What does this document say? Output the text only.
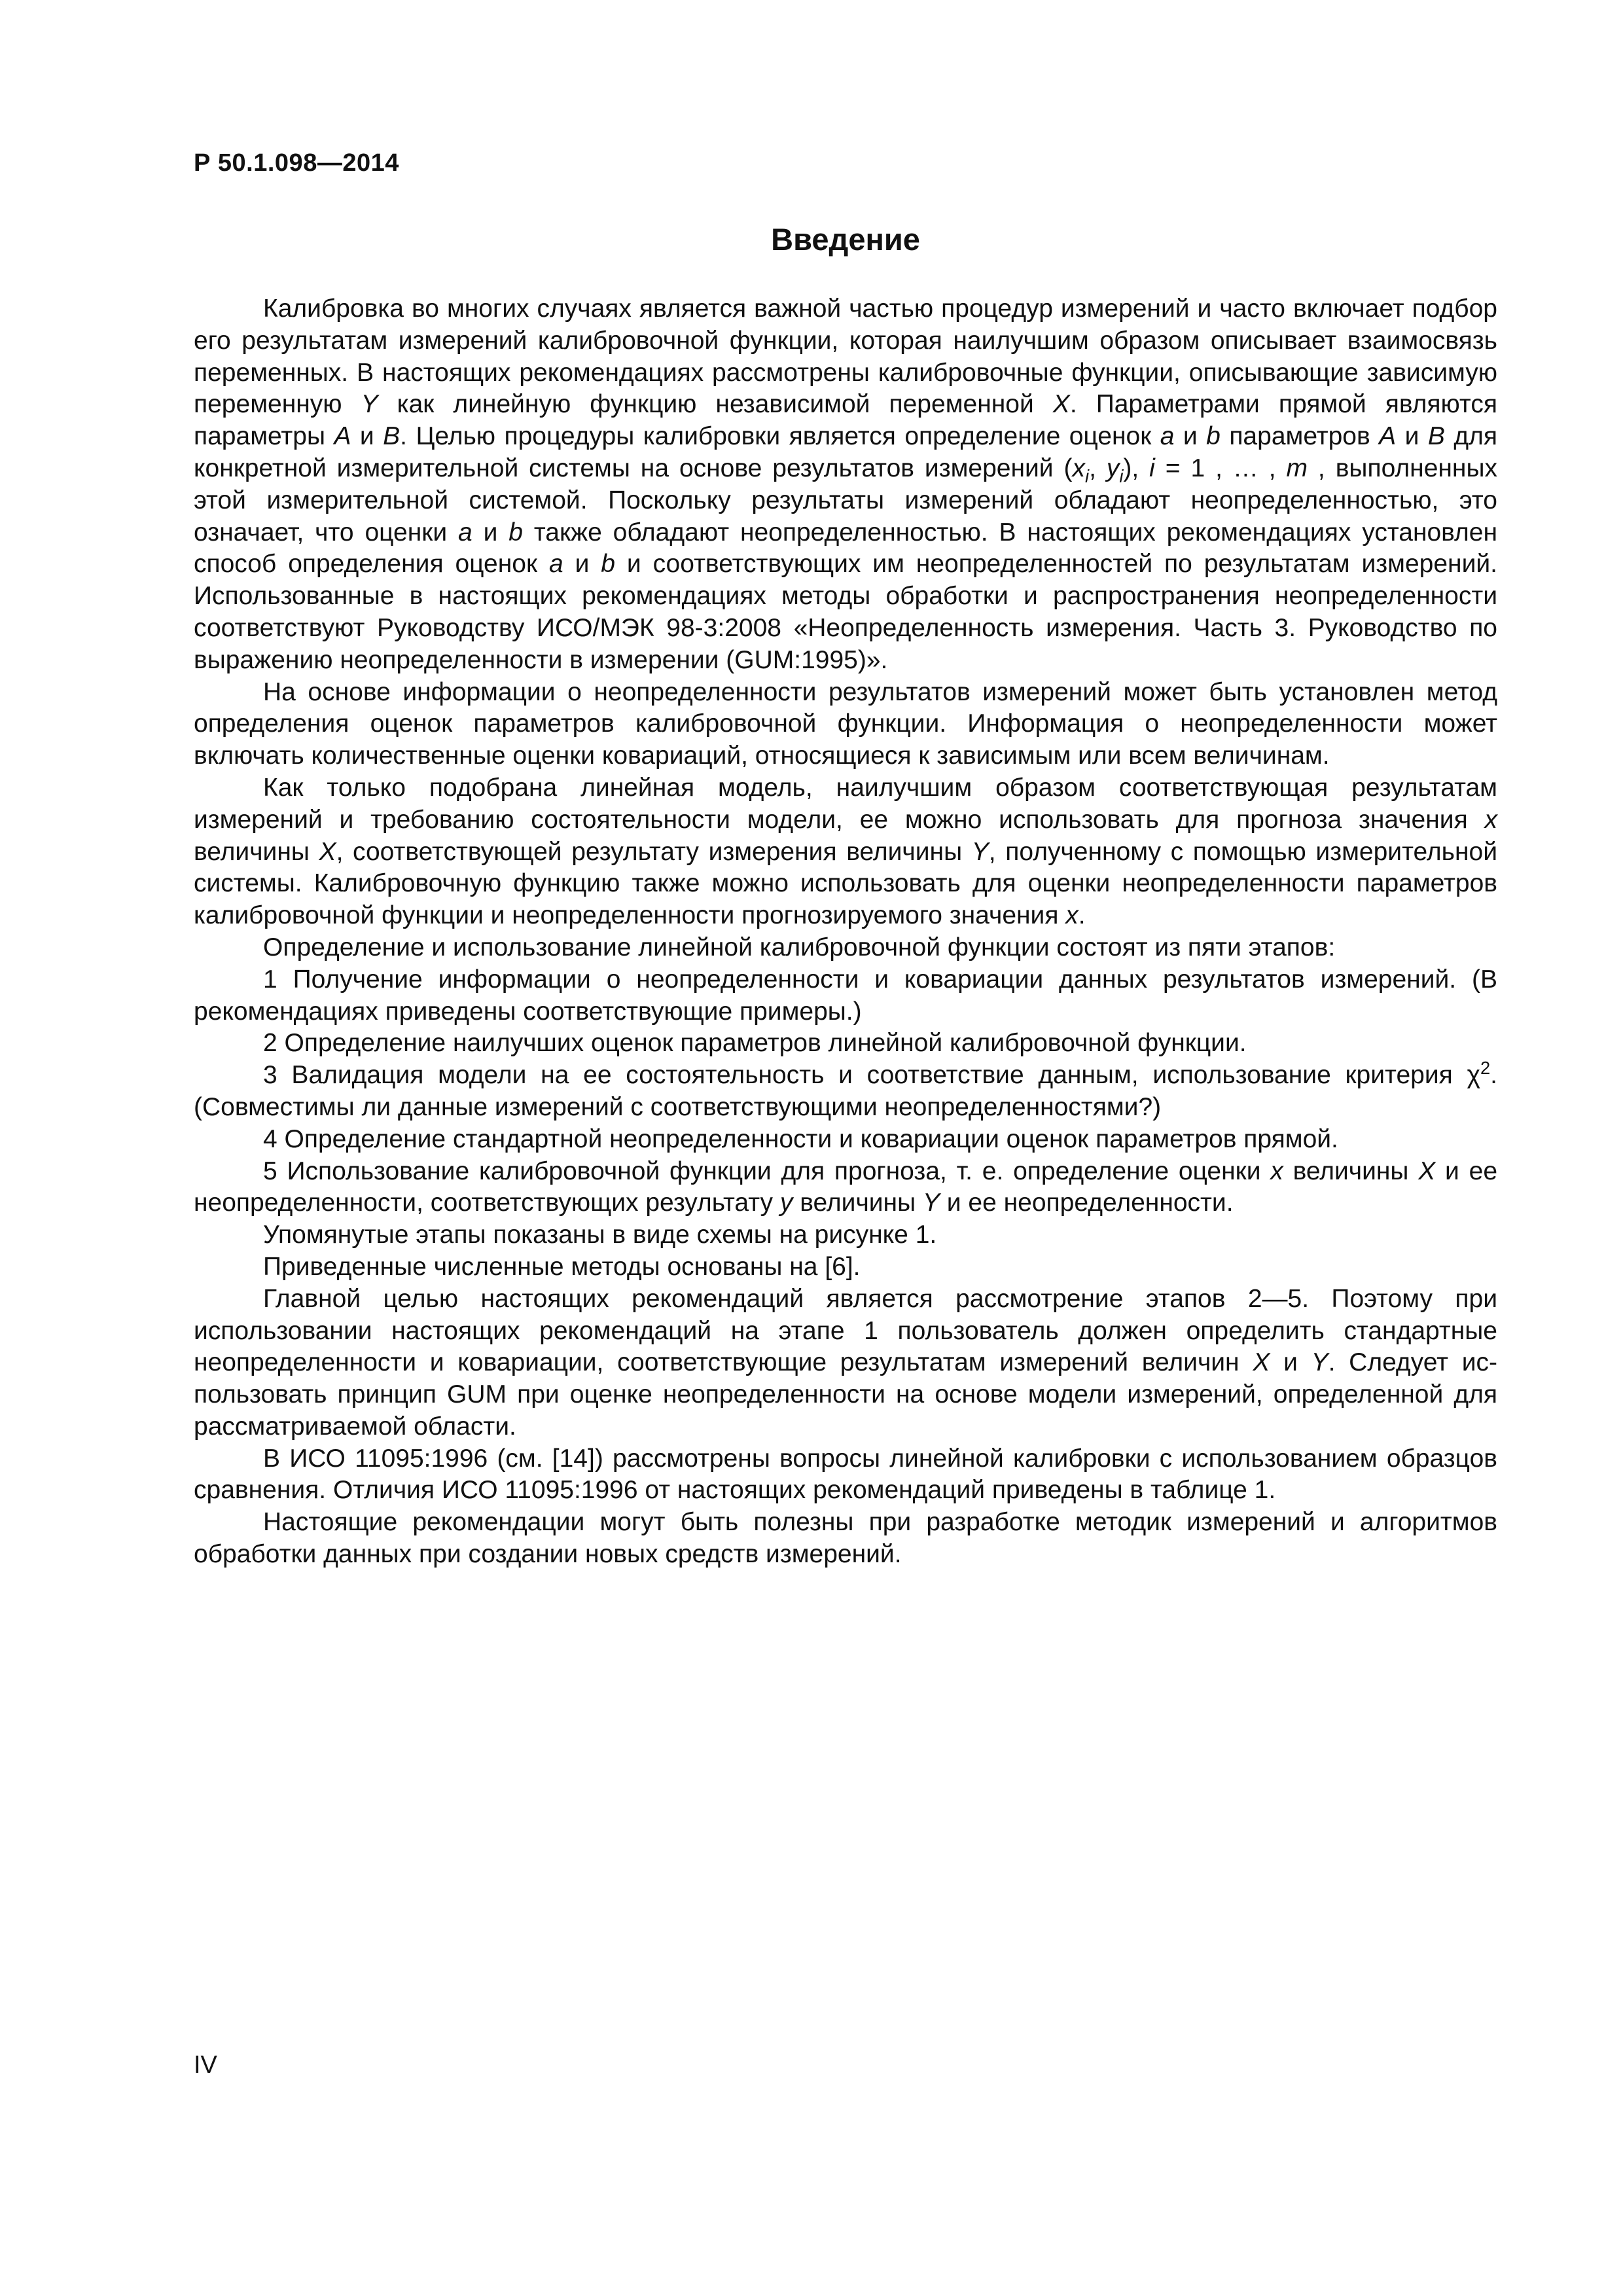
Р 50.1.098—2014
Введение

Калибровка во многих случаях является важной частью процедур измерений и часто включает подбор его результатам измерений калибровочной функции, которая наилучшим образом описывает взаимосвязь переменных. В настоящих рекомендациях рассмотрены калибровочные функции, описывающие зависимую переменную Y как линейную функцию независимой переменной X. Параметрами прямой являются параметры A и B. Целью процедуры калибровки является определение оценок a и b параметров A и B для конкретной измерительной системы на основе результатов измерений ($x_i$, $y_i$), i = 1 , … , m , выполненных этой измерительной системой. Поскольку результаты измерений обладают неопределенностью, это означает, что оценки a и b также обладают неопределенностью. В настоящих рекомендациях установлен способ определения оценок a и b и соответствующих им неопределенностей по результатам измерений. Использованные в настоящих рекомендациях методы обработки и распространения неопределенности соответствуют Руководству ИСО/МЭК 98-3:2008 «Неопределенность измерения. Часть 3. Руководство по выражению неопределенности в измерении (GUM:1995)».

На основе информации о неопределенности результатов измерений может быть установлен метод определения оценок параметров калибровочной функции. Информация о неопределенности может включать количественные оценки ковариаций, относящиеся к зависимым или всем величинам.

Как только подобрана линейная модель, наилучшим образом соответствующая результатам измерений и требованию состоятельности модели, ее можно использовать для прогноза значения x величины X, соответствующей результату измерения величины Y, полученному с помощью измерительной системы. Калибровочную функцию также можно использовать для оценки неопределенности параметров калибровочной функции и неопределенности прогнозируемого значения x.

Определение и использование линейной калибровочной функции состоят из пяти этапов:

1 Получение информации о неопределенности и ковариации данных результатов измерений. (В рекомендациях приведены соответствующие примеры.)

2 Определение наилучших оценок параметров линейной калибровочной функции.

3 Валидация модели на ее состоятельность и соответствие данным, использование критерия $\chi^2$. (Совместимы ли данные измерений с соответствующими неопределенностями?)

4 Определение стандартной неопределенности и ковариации оценок параметров прямой.

5 Использование калибровочной функции для прогноза, т. е. определение оценки x величины X и ее неопределенности, соответствующих результату y величины Y и ее неопределенности.

Упомянутые этапы показаны в виде схемы на рисунке 1.

Приведенные численные методы основаны на [6].

Главной целью настоящих рекомендаций является рассмотрение этапов 2—5. Поэтому при использовании настоящих рекомендаций на этапе 1 пользователь должен определить стандартные неопределенности и ковариации, соответствующие результатам измерений величин X и Y. Следует ис-пользовать принцип GUM при оценке неопределенности на основе модели измерений, определенной для рассматриваемой области.

В ИСО 11095:1996 (см. [14]) рассмотрены вопросы линейной калибровки с использованием образцов сравнения. Отличия ИСО 11095:1996 от настоящих рекомендаций приведены в таблице 1.

Настоящие рекомендации могут быть полезны при разработке методик измерений и алгоритмов обработки данных при создании новых средств измерений.

IV
